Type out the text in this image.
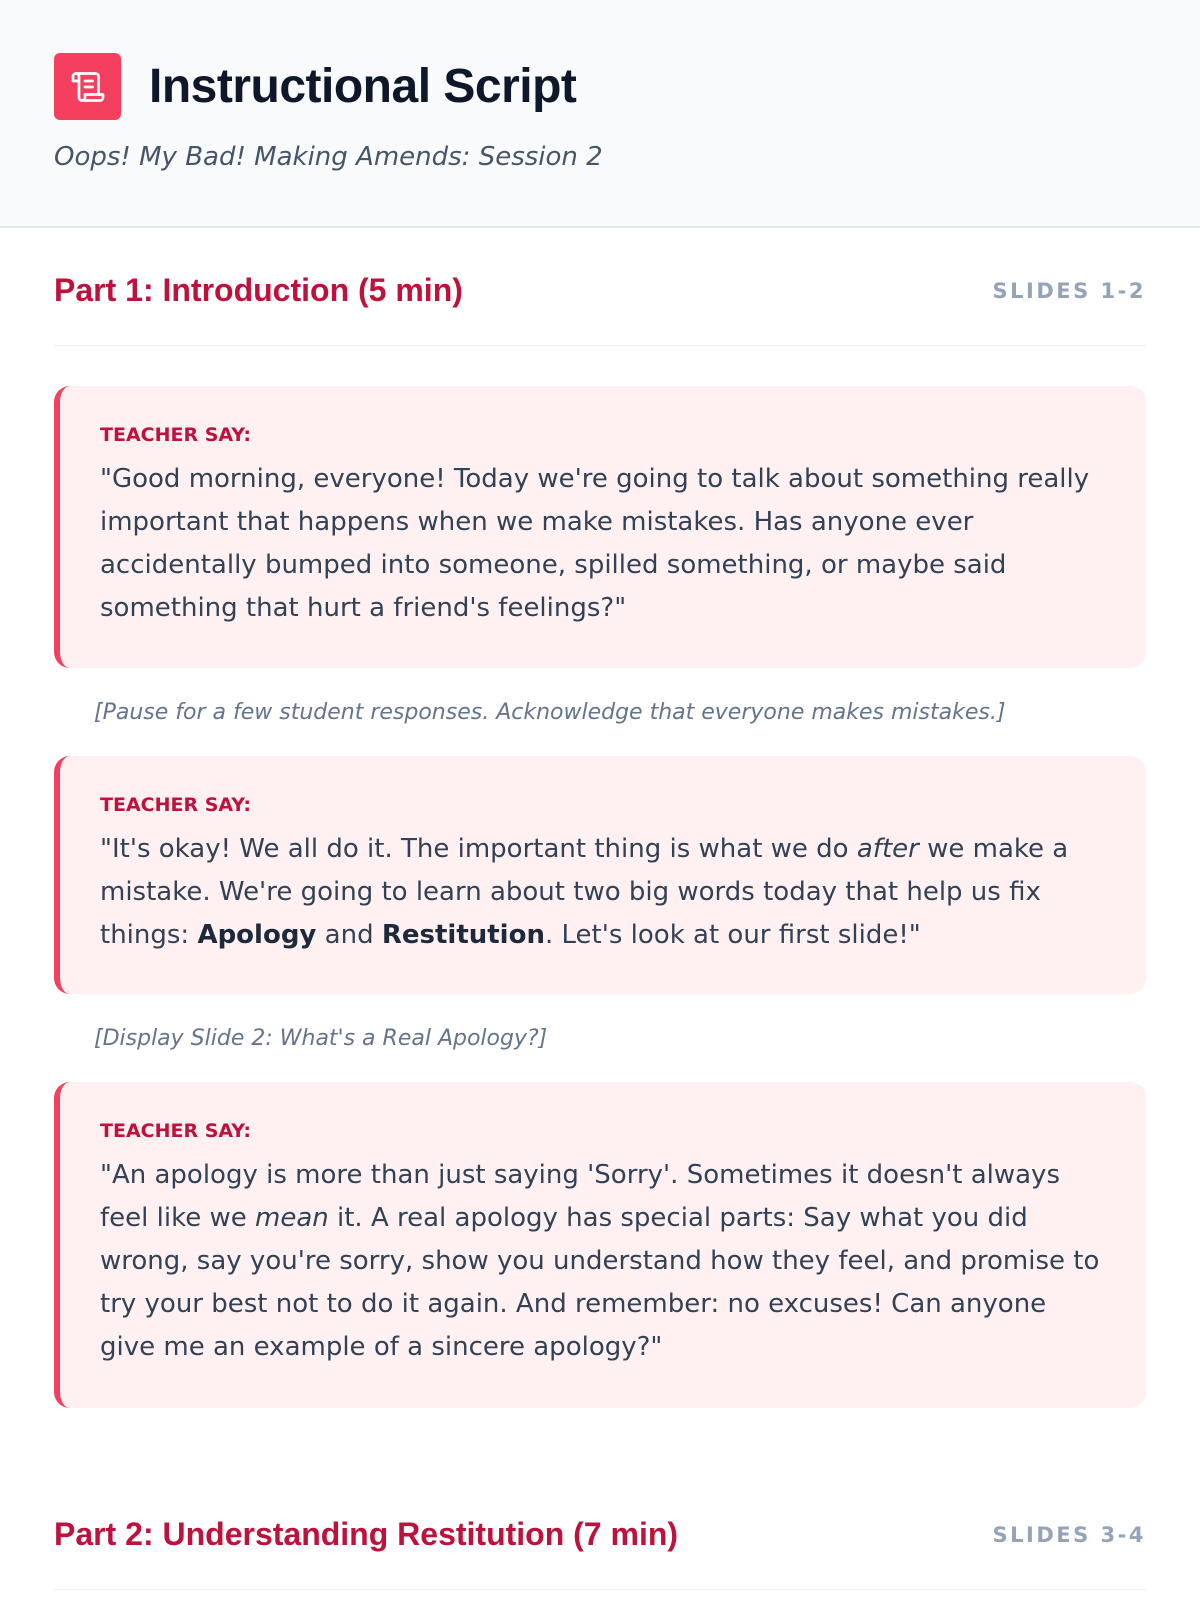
Instructional Script
Oops! My Bad! Making Amends: Session 2
Part 1: Introduction (5 min)	SLIDES 1-2
TEACHER SAY:

"Good morning, everyone! Today we're going to talk about something really important that happens when we make mistakes. Has anyone ever accidentally bumped into someone, spilled something, or maybe said something that hurt a friend's feelings?"

[Pause for a few student responses. Acknowledge that everyone makes mistakes.]
TEACHER SAY:

"It's okay! We all do it. The important thing is what we do after we make a mistake. We're going to learn about two big words today that help us fix things: Apology and Restitution. Let's look at our first slide!"

[Display Slide 2: What's a Real Apology?]
TEACHER SAY:

"An apology is more than just saying 'Sorry'. Sometimes it doesn't always feel like we mean it. A real apology has special parts: Say what you did wrong, say you're sorry, show you understand how they feel, and promise to try your best not to do it again. And remember: no excuses! Can anyone give me an example of a sincere apology?"

Part 2: Understanding Restitution (7 min)	SLIDES 3-4
